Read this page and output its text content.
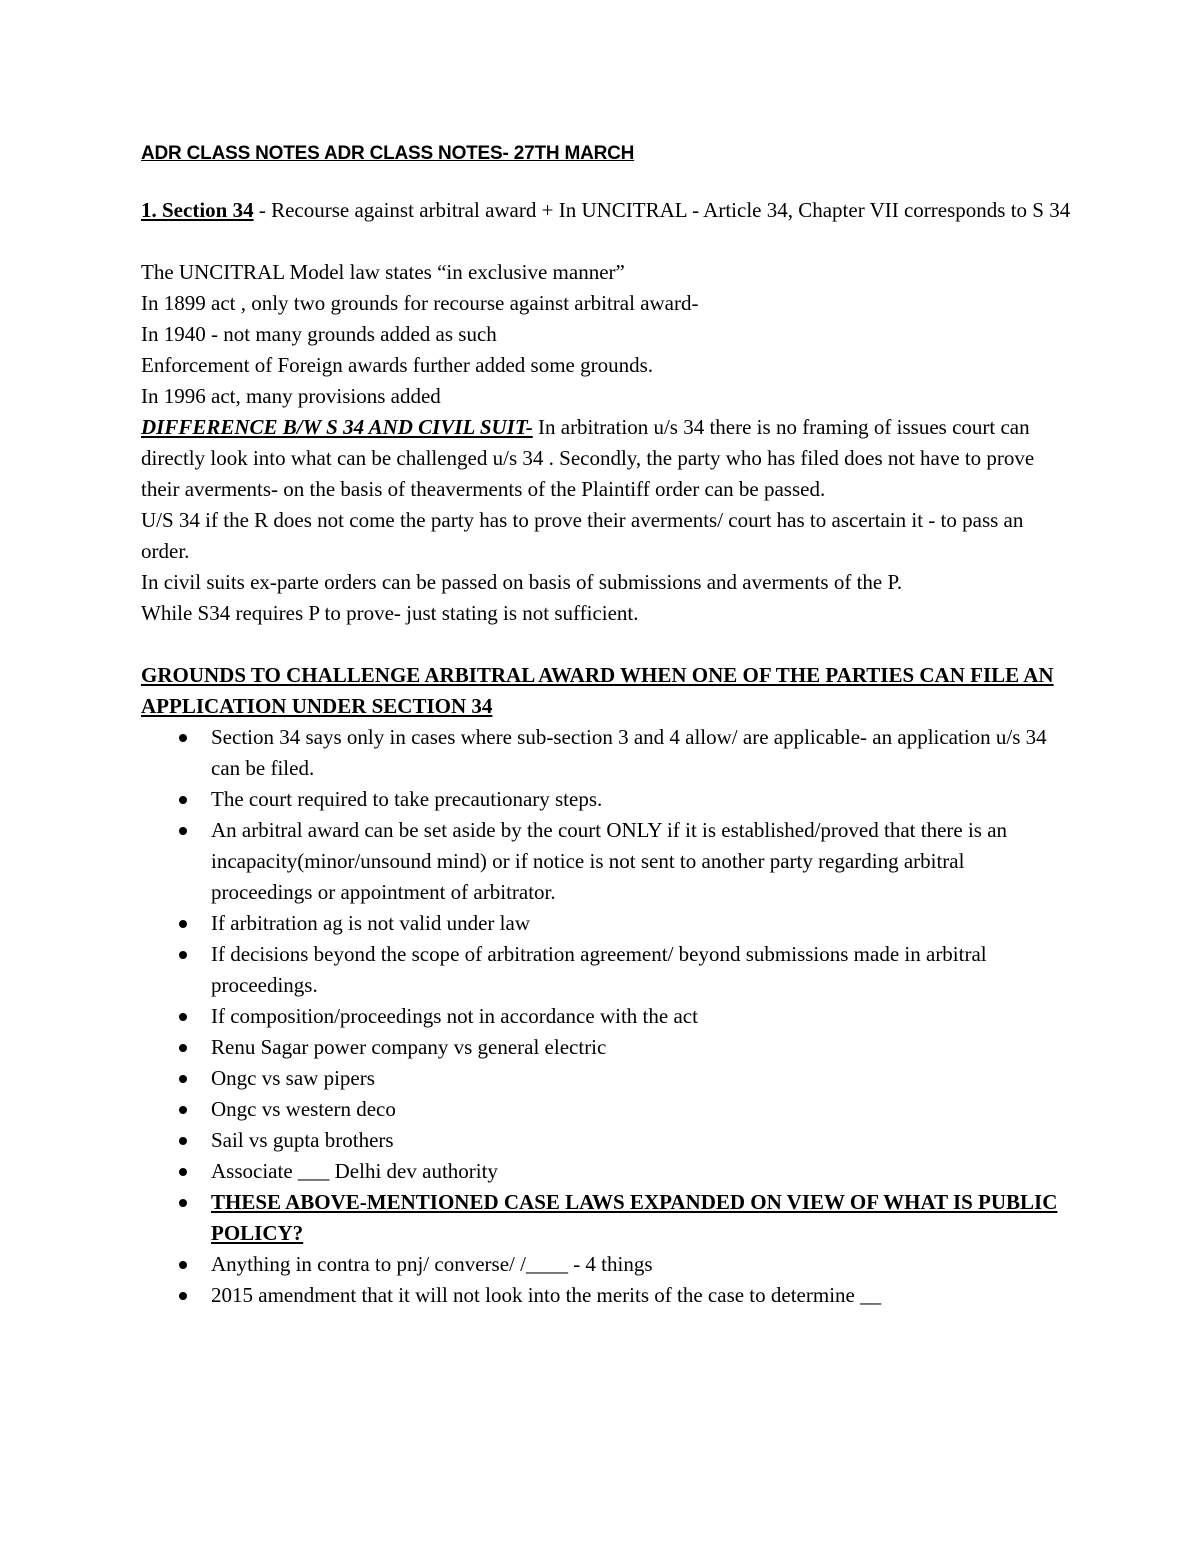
ADR CLASS NOTES ADR CLASS NOTES- 27TH MARCH

1. Section 34 - Recourse against arbitral award + In UNCITRAL - Article 34, Chapter VII corresponds to S 34

The UNCITRAL Model law states “in exclusive manner”

In 1899 act , only two grounds for recourse against arbitral award-

In 1940 - not many grounds added as such

Enforcement of Foreign awards further added some grounds.

In 1996 act, many provisions added

DIFFERENCE B/W S 34 AND CIVIL SUIT- In arbitration u/s 34 there is no framing of issues court can directly look into what can be challenged u/s 34 . Secondly, the party who has filed does not have to prove their averments- on the basis of theaverments of the Plaintiff order can be passed.

U/S 34 if the R does not come the party has to prove their averments/ court has to ascertain it - to pass an order.

In civil suits ex-parte orders can be passed on basis of submissions and averments of the P.

While S34 requires P to prove- just stating is not sufficient.

GROUNDS TO CHALLENGE ARBITRAL AWARD WHEN ONE OF THE PARTIES CAN FILE AN APPLICATION UNDER SECTION 34

Section 34 says only in cases where sub-section 3 and 4 allow/ are applicable- an application u/s 34 can be filed.
The court required to take precautionary steps.
An arbitral award can be set aside by the court ONLY if it is established/proved that there is an incapacity(minor/unsound mind) or if notice is not sent to another party regarding arbitral proceedings or appointment of arbitrator.
If arbitration ag is not valid under law
If decisions beyond the scope of arbitration agreement/ beyond submissions made in arbitral proceedings.
If composition/proceedings not in accordance with the act
Renu Sagar power company vs general electric
Ongc vs saw pipers
Ongc vs western deco
Sail vs gupta brothers
Associate ___ Delhi dev authority
THESE ABOVE-MENTIONED CASE LAWS EXPANDED ON VIEW OF WHAT IS PUBLIC POLICY?
Anything in contra to pnj/ converse/ /____ - 4 things
2015 amendment that it will not look into the merits of the case to determine __
